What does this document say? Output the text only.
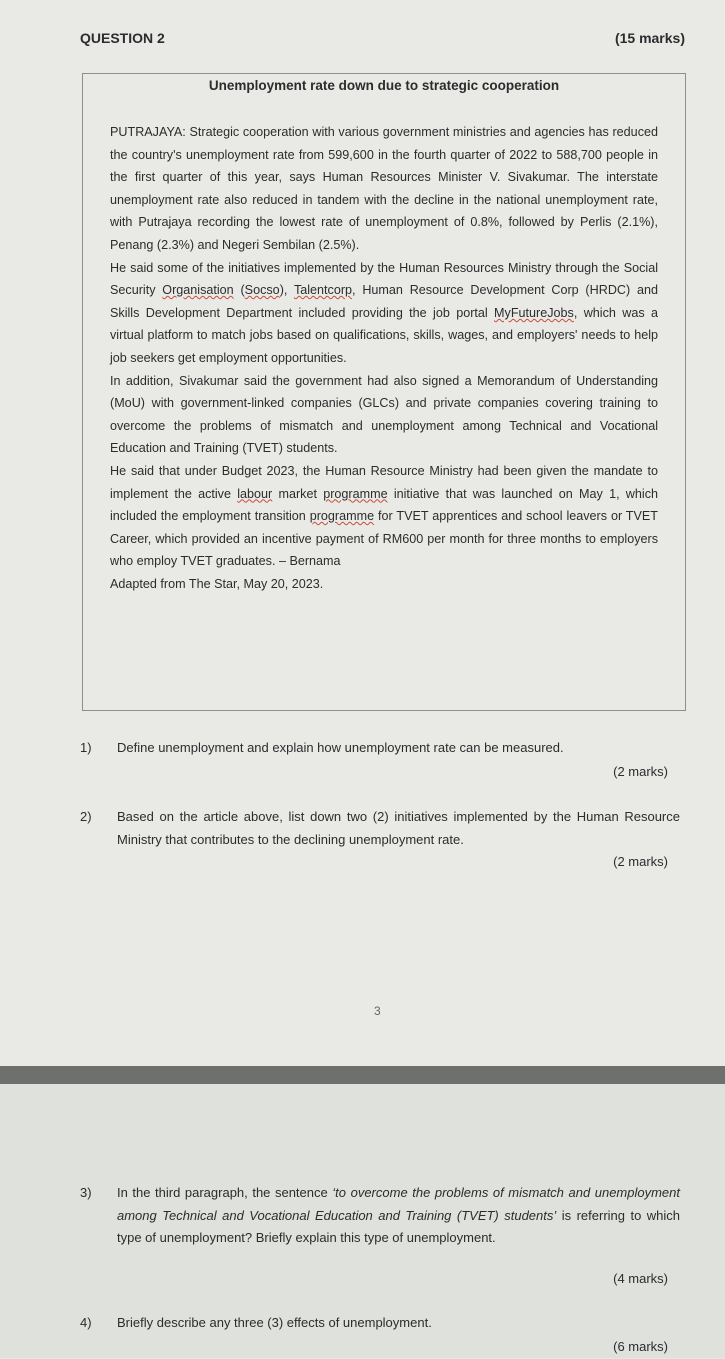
QUESTION 2	(15 marks)
Unemployment rate down due to strategic cooperation

PUTRAJAYA: Strategic cooperation with various government ministries and agencies has reduced the country's unemployment rate from 599,600 in the fourth quarter of 2022 to 588,700 people in the first quarter of this year, says Human Resources Minister V. Sivakumar. The interstate unemployment rate also reduced in tandem with the decline in the national unemployment rate, with Putrajaya recording the lowest rate of unemployment of 0.8%, followed by Perlis (2.1%), Penang (2.3%) and Negeri Sembilan (2.5%).

He said some of the initiatives implemented by the Human Resources Ministry through the Social Security Organisation (Socso), Talentcorp, Human Resource Development Corp (HRDC) and Skills Development Department included providing the job portal MyFutureJobs, which was a virtual platform to match jobs based on qualifications, skills, wages, and employers' needs to help job seekers get employment opportunities.

In addition, Sivakumar said the government had also signed a Memorandum of Understanding (MoU) with government-linked companies (GLCs) and private companies covering training to overcome the problems of mismatch and unemployment among Technical and Vocational Education and Training (TVET) students.

He said that under Budget 2023, the Human Resource Ministry had been given the mandate to implement the active labour market programme initiative that was launched on May 1, which included the employment transition programme for TVET apprentices and school leavers or TVET Career, which provided an incentive payment of RM600 per month for three months to employers who employ TVET graduates. – Bernama

Adapted from The Star, May 20, 2023.

1) Define unemployment and explain how unemployment rate can be measured.
(2 marks)
2) Based on the article above, list down two (2) initiatives implemented by the Human Resource Ministry that contributes to the declining unemployment rate.
(2 marks)
3
3) In the third paragraph, the sentence ‘to overcome the problems of mismatch and unemployment among Technical and Vocational Education and Training (TVET) students’ is referring to which type of unemployment? Briefly explain this type of unemployment.
(4 marks)
4) Briefly describe any three (3) effects of unemployment.
(6 marks)
